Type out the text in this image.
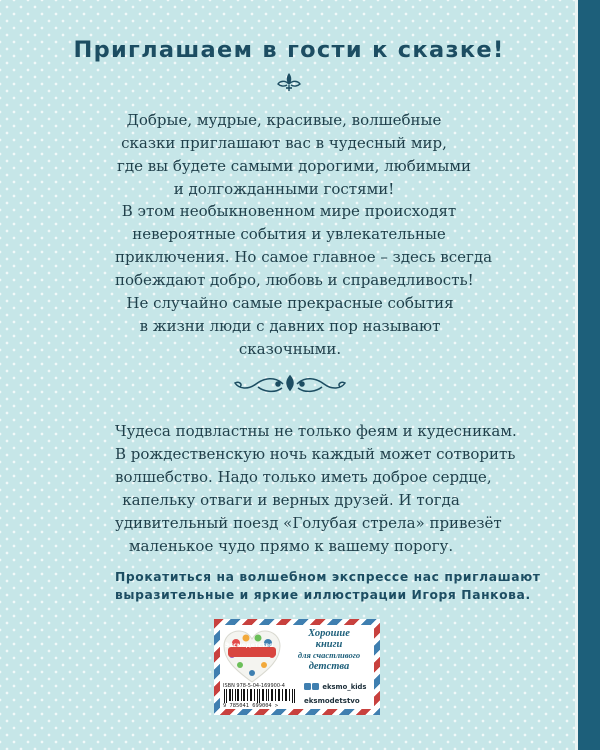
Приглашаем в гости к сказке!
Добрые, мудрые, красивые, волшебные
сказки приглашают вас в чудесный мир,
где вы будете самыми дорогими, любимыми
и долгожданными гостями!
В этом необыкновенном мире происходят
невероятные события и увлекательные
приключения. Но самое главное – здесь всегда
побеждают добро, любовь и справедливость!
Не случайно самые прекрасные события
в жизни люди с давних пор называют
сказочными.
Чудеса подвластны не только феям и кудесникам.
В рождественскую ночь каждый может сотворить
волшебство. Надо только иметь доброе сердце,
капельку отваги и верных друзей. И тогда
удивительный поезд «Голубая стрела» привезёт
маленькое чудо прямо к вашему порогу.
Прокатиться на волшебном экспрессе нас приглашают
выразительные и яркие иллюстрации Игоря Панкова.
Эксмодетство
Хорошие
книги
для счастливого
детства
ISBN 978-5-04-169900-4
9 785041 699004 >
eksmo_kids
eksmodetstvo
